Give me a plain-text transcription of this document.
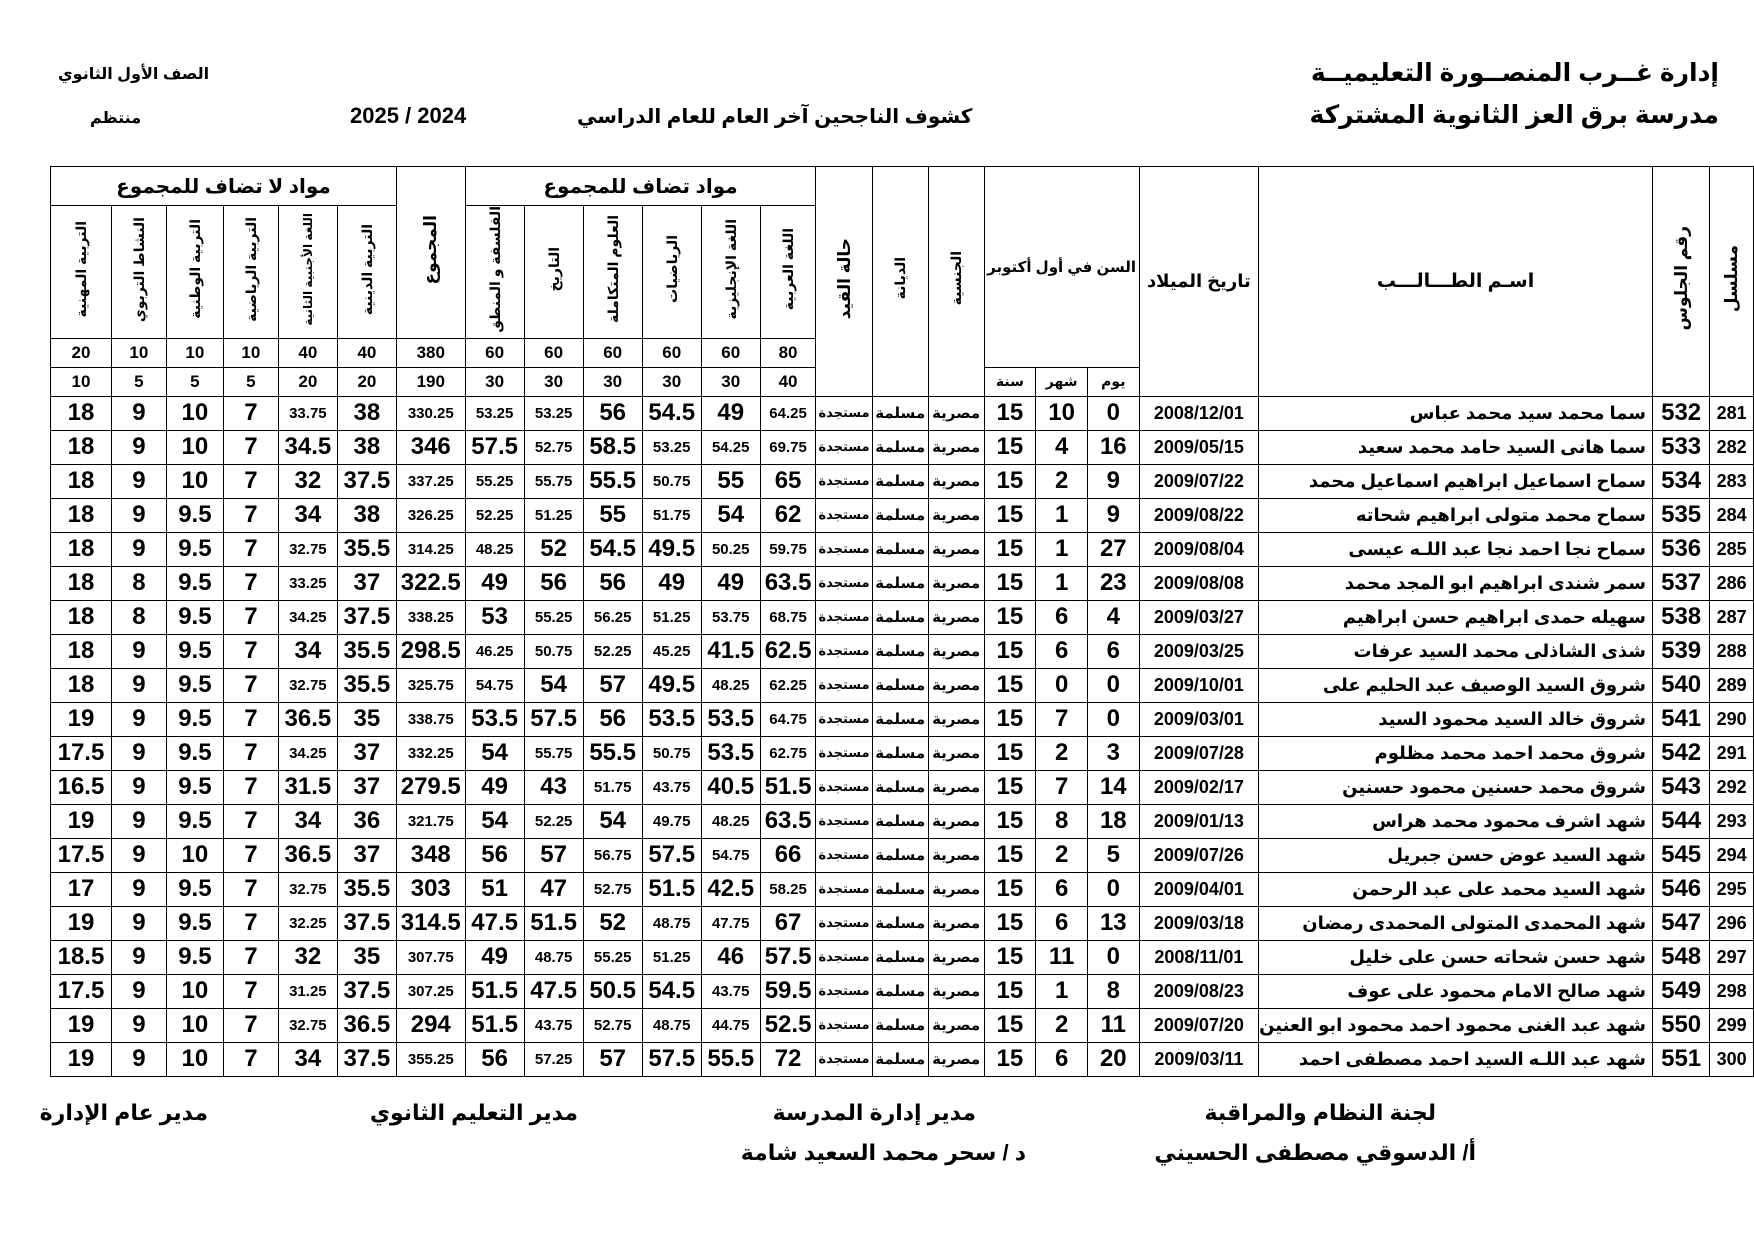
إدارة غــرب المنصــورة التعليميــة
مدرسة برق العز الثانوية المشتركة
كشوف الناجحين آخر العام للعام الدراسي
2025 / 2024
الصف الأول الثانوي
منتظم
مسلسل	رقم الجلوس	اسـم الطـــالـــب	تاريخ الميلاد	السن في أول أكتوبر			الجنسية	الديانة	حالة القيد	مواد تضاف للمجموع						المجموع	مواد لا تضاف للمجموع					
										اللغة العربية	اللغة الإنجليزية	الرياضيات	العلوم المتكاملة	التاريخ	الفلسفة و المنطق		التربية الدينية	اللغة الأجنبية الثانية	التربية الرياضية	التربية الوطنية	النشاط التربوي	التربية المهنية
										80	60	60	60	60	60	380	40	40	10	10	10	20
				يوم	شهر	سنة				40	30	30	30	30	30	190	20	20	5	5	5	10
281	532	سما محمد سيد محمد عباس	2008/12/01	0	10	15	مصرية	مسلمة	مستجدة	64.25	49	54.5	56	53.25	53.25	330.25	38	33.75	7	10	9	18
282	533	سما هانى السيد حامد محمد سعيد	2009/05/15	16	4	15	مصرية	مسلمة	مستجدة	69.75	54.25	53.25	58.5	52.75	57.5	346	38	34.5	7	10	9	18
283	534	سماح اسماعيل ابراهيم اسماعيل محمد	2009/07/22	9	2	15	مصرية	مسلمة	مستجدة	65	55	50.75	55.5	55.75	55.25	337.25	37.5	32	7	10	9	18
284	535	سماح محمد متولى ابراهيم شحاته	2009/08/22	9	1	15	مصرية	مسلمة	مستجدة	62	54	51.75	55	51.25	52.25	326.25	38	34	7	9.5	9	18
285	536	سماح نجا احمد نجا عبد اللـه عيسى	2009/08/04	27	1	15	مصرية	مسلمة	مستجدة	59.75	50.25	49.5	54.5	52	48.25	314.25	35.5	32.75	7	9.5	9	18
286	537	سمر شندى ابراهيم ابو المجد محمد	2009/08/08	23	1	15	مصرية	مسلمة	مستجدة	63.5	49	49	56	56	49	322.5	37	33.25	7	9.5	8	18
287	538	سهيله حمدى ابراهيم حسن ابراهيم	2009/03/27	4	6	15	مصرية	مسلمة	مستجدة	68.75	53.75	51.25	56.25	55.25	53	338.25	37.5	34.25	7	9.5	8	18
288	539	شذى الشاذلى محمد السيد عرفات	2009/03/25	6	6	15	مصرية	مسلمة	مستجدة	62.5	41.5	45.25	52.25	50.75	46.25	298.5	35.5	34	7	9.5	9	18
289	540	شروق السيد الوصيف عبد الحليم على	2009/10/01	0	0	15	مصرية	مسلمة	مستجدة	62.25	48.25	49.5	57	54	54.75	325.75	35.5	32.75	7	9.5	9	18
290	541	شروق خالد السيد محمود السيد	2009/03/01	0	7	15	مصرية	مسلمة	مستجدة	64.75	53.5	53.5	56	57.5	53.5	338.75	35	36.5	7	9.5	9	19
291	542	شروق محمد احمد محمد مظلوم	2009/07/28	3	2	15	مصرية	مسلمة	مستجدة	62.75	53.5	50.75	55.5	55.75	54	332.25	37	34.25	7	9.5	9	17.5
292	543	شروق محمد حسنين محمود حسنين	2009/02/17	14	7	15	مصرية	مسلمة	مستجدة	51.5	40.5	43.75	51.75	43	49	279.5	37	31.5	7	9.5	9	16.5
293	544	شهد اشرف محمود محمد هراس	2009/01/13	18	8	15	مصرية	مسلمة	مستجدة	63.5	48.25	49.75	54	52.25	54	321.75	36	34	7	9.5	9	19
294	545	شهد السيد عوض حسن جبريل	2009/07/26	5	2	15	مصرية	مسلمة	مستجدة	66	54.75	57.5	56.75	57	56	348	37	36.5	7	10	9	17.5
295	546	شهد السيد محمد على عبد الرحمن	2009/04/01	0	6	15	مصرية	مسلمة	مستجدة	58.25	42.5	51.5	52.75	47	51	303	35.5	32.75	7	9.5	9	17
296	547	شهد المحمدى المتولى المحمدى رمضان	2009/03/18	13	6	15	مصرية	مسلمة	مستجدة	67	47.75	48.75	52	51.5	47.5	314.5	37.5	32.25	7	9.5	9	19
297	548	شهد حسن شحاته حسن على خليل	2008/11/01	0	11	15	مصرية	مسلمة	مستجدة	57.5	46	51.25	55.25	48.75	49	307.75	35	32	7	9.5	9	18.5
298	549	شهد صالح الامام محمود على عوف	2009/08/23	8	1	15	مصرية	مسلمة	مستجدة	59.5	43.75	54.5	50.5	47.5	51.5	307.25	37.5	31.25	7	10	9	17.5
299	550	شهد عبد الغنى محمود احمد محمود ابو العنين	2009/07/20	11	2	15	مصرية	مسلمة	مستجدة	52.5	44.75	48.75	52.75	43.75	51.5	294	36.5	32.75	7	10	9	19
300	551	شهد عبد اللـه السيد احمد مصطفى احمد	2009/03/11	20	6	15	مصرية	مسلمة	مستجدة	72	55.5	57.5	57	57.25	56	355.25	37.5	34	7	10	9	19
لجنة النظام والمراقبة
أ/ الدسوقي مصطفى الحسيني
مدير إدارة المدرسة
د / سحر محمد السعيد شامة
مدير التعليم الثانوي
مدير عام الإدارة
